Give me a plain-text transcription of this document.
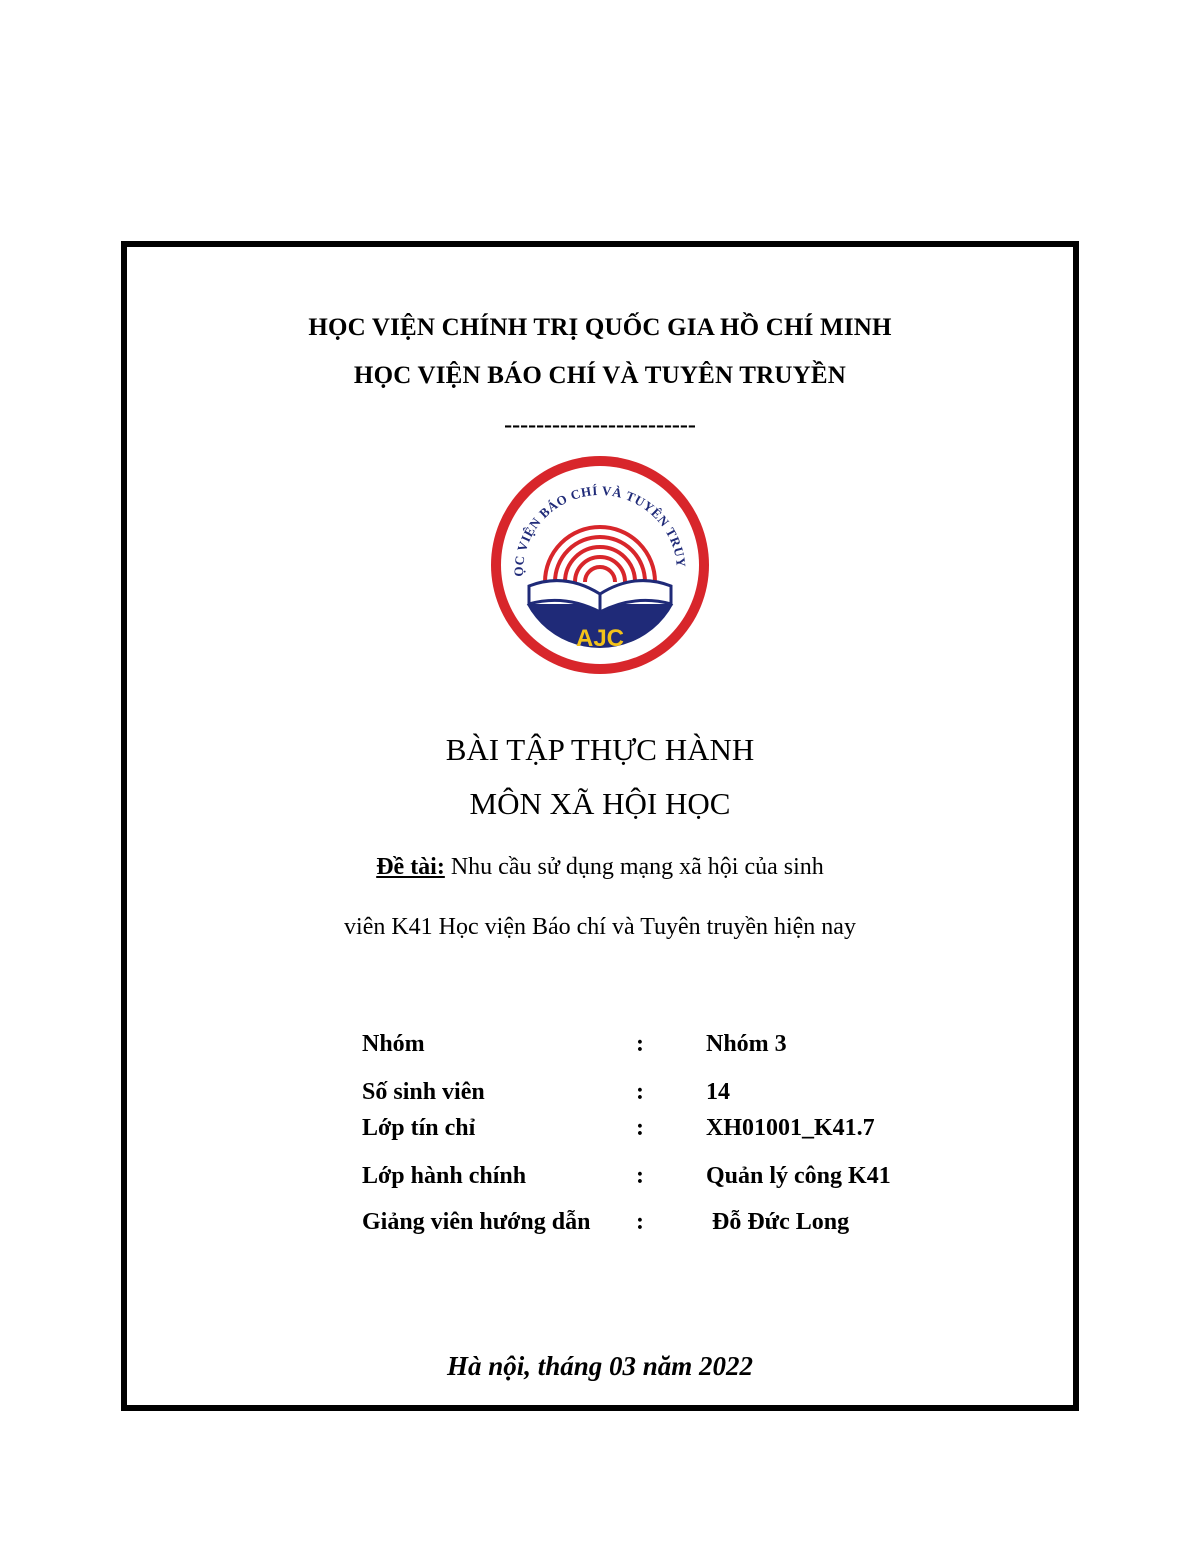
HỌC VIỆN CHÍNH TRỊ QUỐC GIA HỒ CHÍ MINH
HỌC VIỆN BÁO CHÍ VÀ TUYÊN TRUYỀN
------------------------
ỌC VIỆN BÁO CHÍ VÀ TUYÊN TRUY
AJC
BÀI TẬP THỰC HÀNH
MÔN XÃ HỘI HỌC
Đề tài: Nhu cầu sử dụng mạng xã hội của sinh
viên K41 Học viện Báo chí và Tuyên truyền hiện nay
Nhóm	:	Nhóm 3
Số sinh viên	:	14
Lớp tín chỉ	:	XH01001_K41.7
Lớp hành chính	:	Quản lý công K41
Giảng viên hướng dẫn :	Đỗ Đức Long
Hà nội, tháng 03 năm 2022
